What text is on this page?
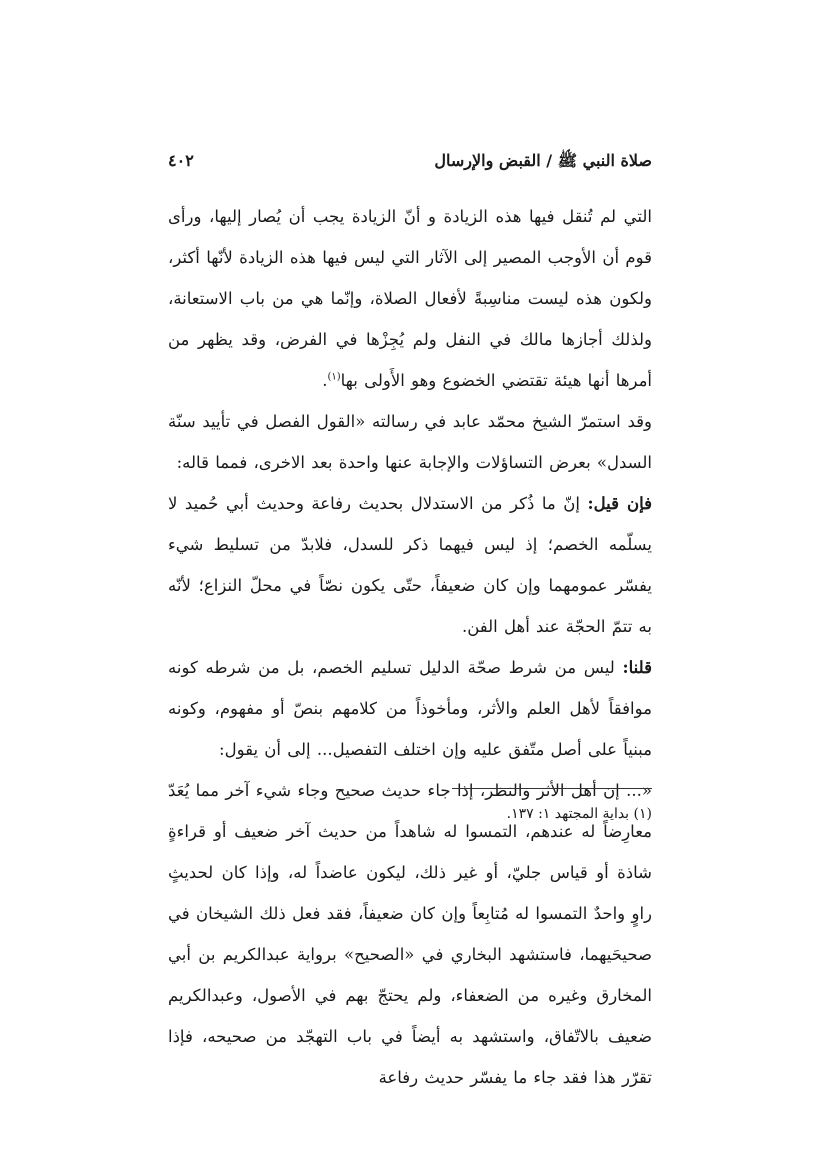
٤٠٢	صلاة النبي ﷺ / القبض والإرسال

التي لم تُنقل فيها هذه الزيادة و أنّ الزيادة يجب أن يُصار إليها، ورأى قوم أن الأوجب المصير إلى الآثار التي ليس فيها هذه الزيادة لأنّها أكثر، ولكون هذه ليست مناسِبةً لأفعال الصلاة، وإنّما هي من باب الاستعانة، ولذلك أجازها مالك في النفل ولم يُجِزْها في الفرض، وقد يظهر من أمرها أنها هيئة تقتضي الخضوع وهو الأَولى بها$^{(١)}$.

وقد استمرّ الشيخ محمّد عابد في رسالته «القول الفصل في تأييد سنّة السدل» بعرض التساؤلات والإجابة عنها واحدة بعد الاخرى، فمما قاله:

فإن قيل: إنّ ما ذُكر من الاستدلال بحديث رفاعة وحديث أبي حُميد لا يسلّمه الخصم؛ إذ ليس فيهما ذكر للسدل، فلابدّ من تسليط شيء يفسّر عمومهما وإن كان ضعيفاً، حتّى يكون نصّاً في محلّ النزاع؛ لأنّه به تتمّ الحجّة عند أهل الفن.

قلنا: ليس من شرط صحّة الدليل تسليم الخصم، بل من شرطه كونه موافقاً لأهل العلم والأثر، ومأخوذاً من كلامهم بنصّ أو مفهوم، وكونه مبنياً على أصل متّفق عليه وإن اختلف التفصيل... إلى أن يقول:

«... إن أهل الأثر والنظر، إذا جاء حديث صحيح وجاء شيء آخر مما يُعَدّ معارِضاً له عندهم، التمسوا له شاهداً من حديث آخر ضعيف أو قراءةٍ شاذة أو قياس جليّ، أو غير ذلك، ليكون عاضداً له، وإذا كان لحديثٍ راوٍ واحدٌ التمسوا له مُتابِعاً وإن كان ضعيفاً، فقد فعل ذلك الشيخان في صحيحَيهما، فاستشهد البخاري في «الصحيح» برواية عبدالكريم بن أبي المخارق وغيره من الضعفاء، ولم يحتجّ بهم في الأصول، وعبدالكريم ضعيف بالاتّفاق، واستشهد به أيضاً في باب التهجّد من صحيحه، فإذا تقرّر هذا فقد جاء ما يفسّر حديث رفاعة

(١) بداية المجتهد ١: ١٣٧.
